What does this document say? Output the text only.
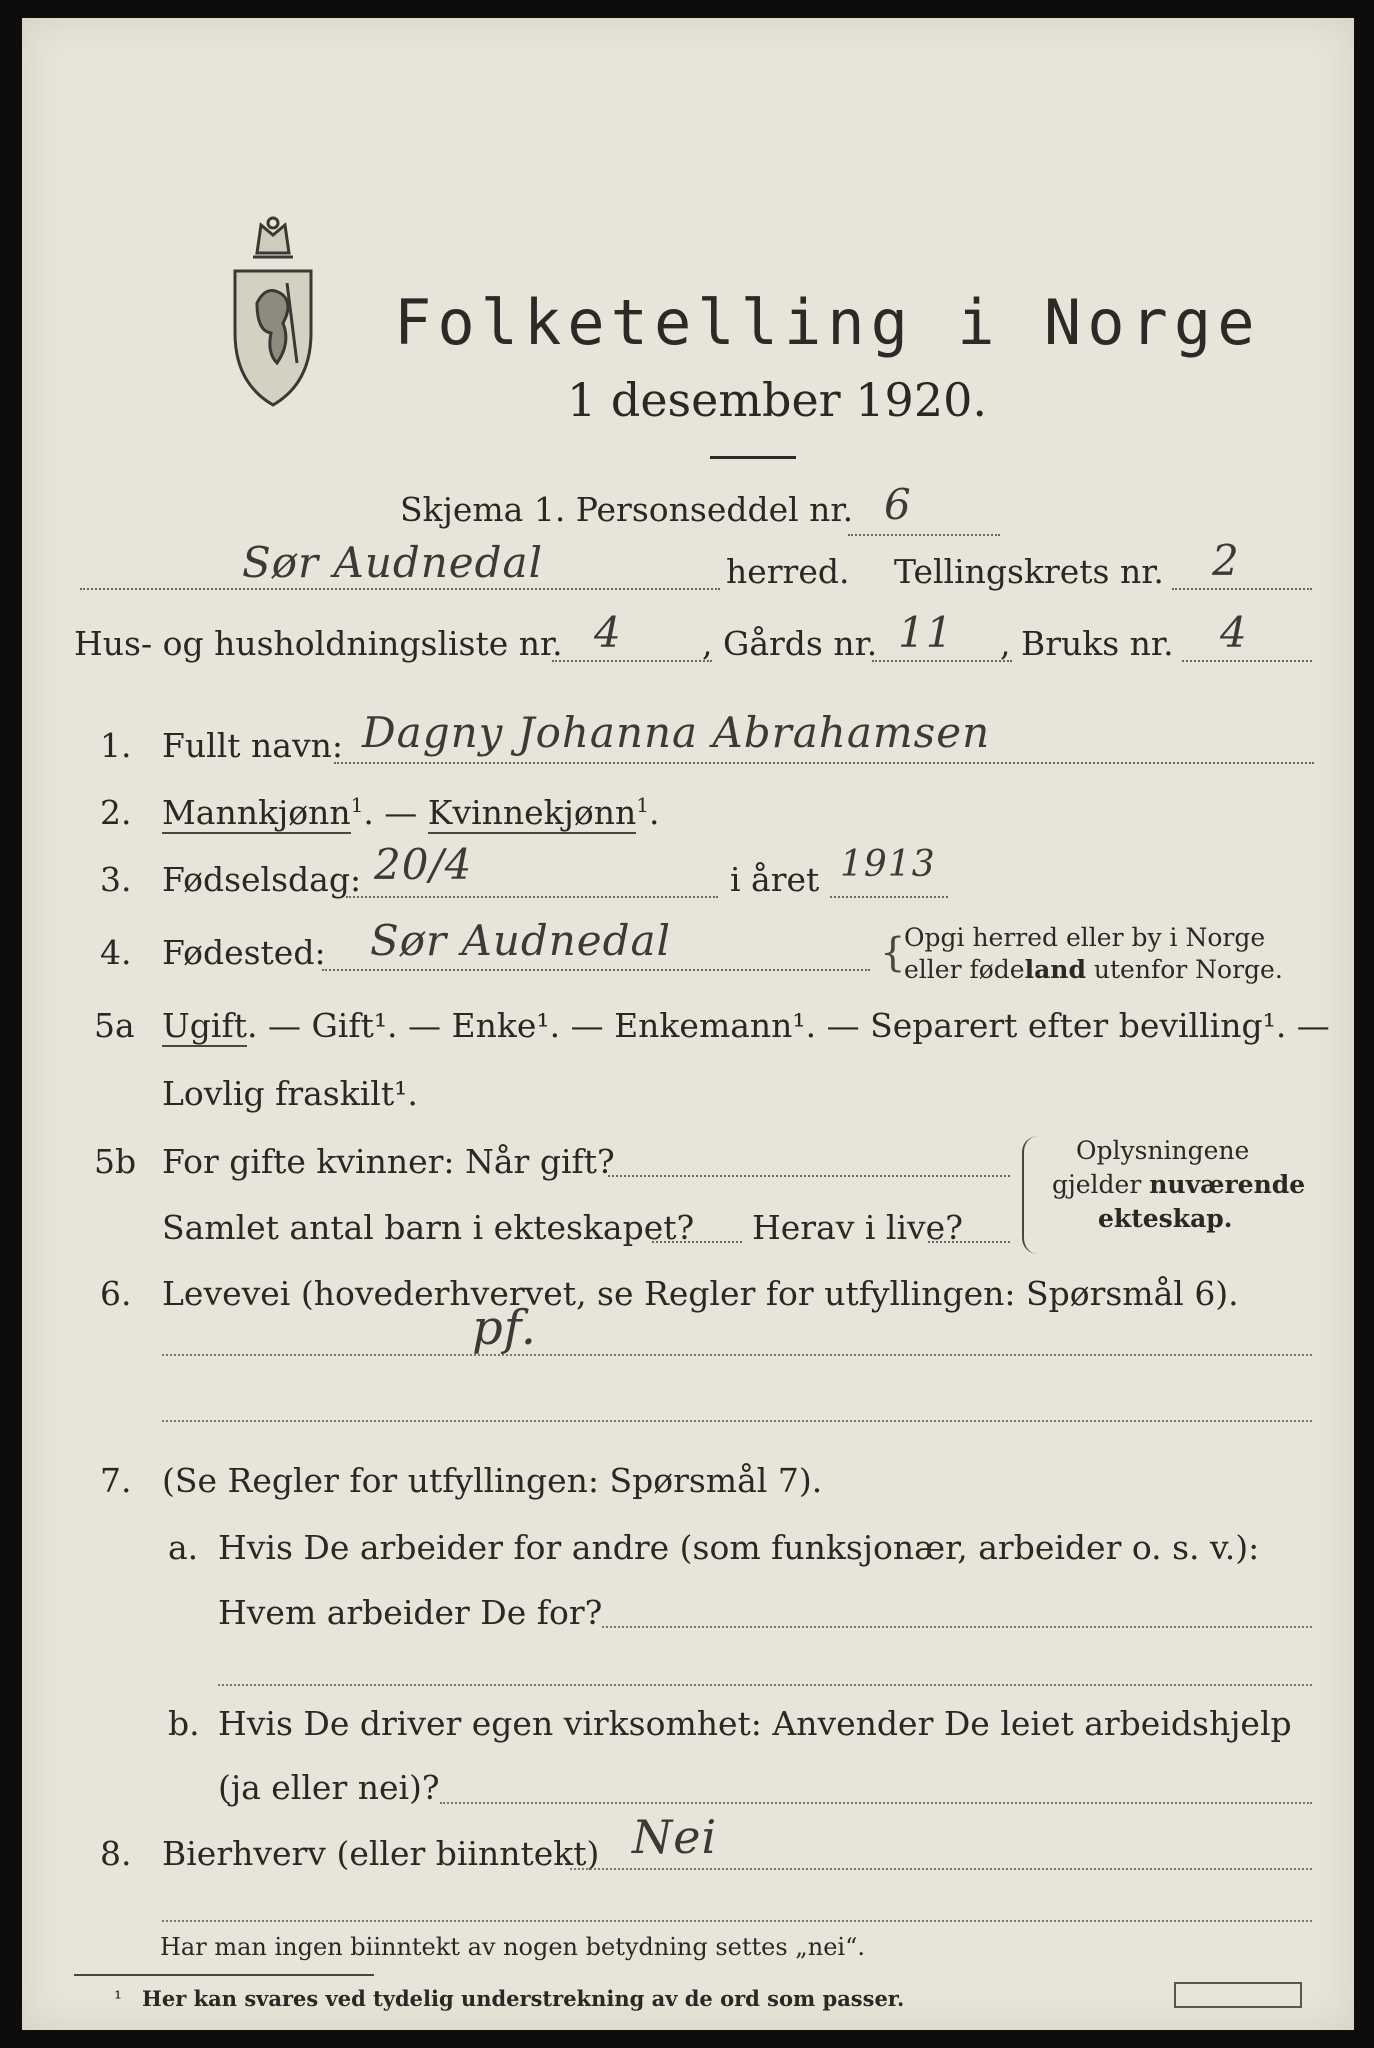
Folketelling i Norge
1 desember 1920.
Skjema 1. Personseddel nr. 6
Sør Audnedal	herred. Tellingskrets nr. 2
Hus- og husholdningsliste nr. 4 , Gårds nr. 11 , Bruks nr. 4
1. Fullt navn: Dagny Johanna Abrahamsen
2. Mannkjønn$^1$. — Kvinnekjønn$^1$.
3. Fødselsdag: 20/4	i året 1913
4. Fødested: Sør Audnedal	{
Opgi herred eller by i Norge
eller fødeland utenfor Norge.
5a Ugift. — Gift¹. — Enke¹. — Enkemann¹. — Separert efter bevilling¹. —
Lovlig fraskilt¹.
5b For gifte kvinner: Når gift?
Samlet antal barn i ekteskapet? Herav i live?
Oplysningene
gjelder nuværende
ekteskap.
6. Levevei (hovederhvervet, se Regler for utfyllingen: Spørsmål 6).
pf.
7. (Se Regler for utfyllingen: Spørsmål 7).
a. Hvis De arbeider for andre (som funksjonær, arbeider o. s. v.):
Hvem arbeider De for?
b. Hvis De driver egen virksomhet: Anvender De leiet arbeidshjelp
(ja eller nei)?
8. Bierhverv (eller biinntekt) Nei
Har man ingen biinntekt av nogen betydning settes „nei“.
¹ Her kan svares ved tydelig understrekning av de ord som passer.
